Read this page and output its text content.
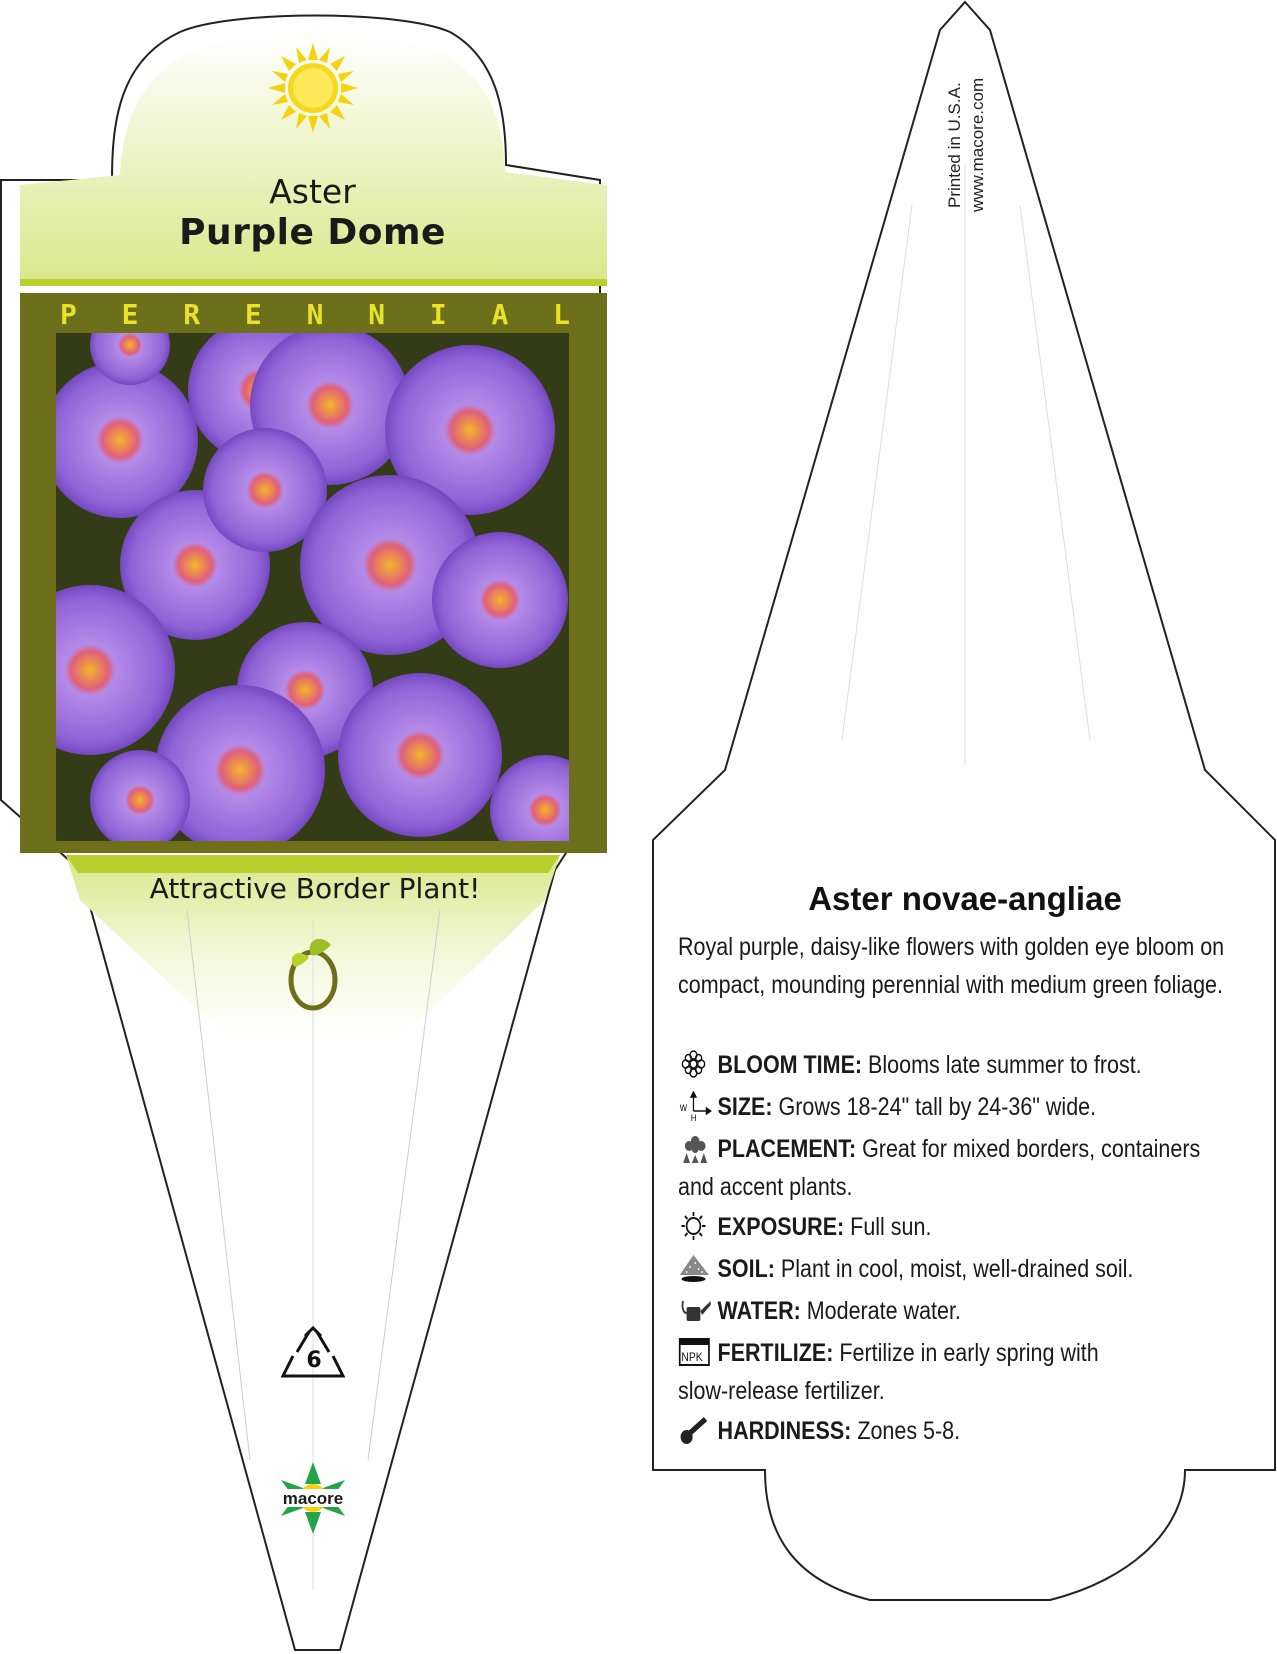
Aster
Purple Dome
P E R E N N I A L
Attractive Border Plant!
6
macore
Printed in U.S.A. www.macore.com
Aster novae-angliae
Royal purple, daisy-like flowers with golden eye bloom on compact, mounding perennial with medium green foliage.
BLOOM TIME: Blooms late summer to frost.
W
H SIZE: Grows 18-24" tall by 24-36" wide.
PLACEMENT: Great for mixed borders, containers
and accent plants.
EXPOSURE: Full sun.
SOIL: Plant in cool, moist, well-drained soil.
WATER: Moderate water.
NPK FERTILIZE: Fertilize in early spring with
slow-release fertilizer.
HARDINESS: Zones 5-8.
